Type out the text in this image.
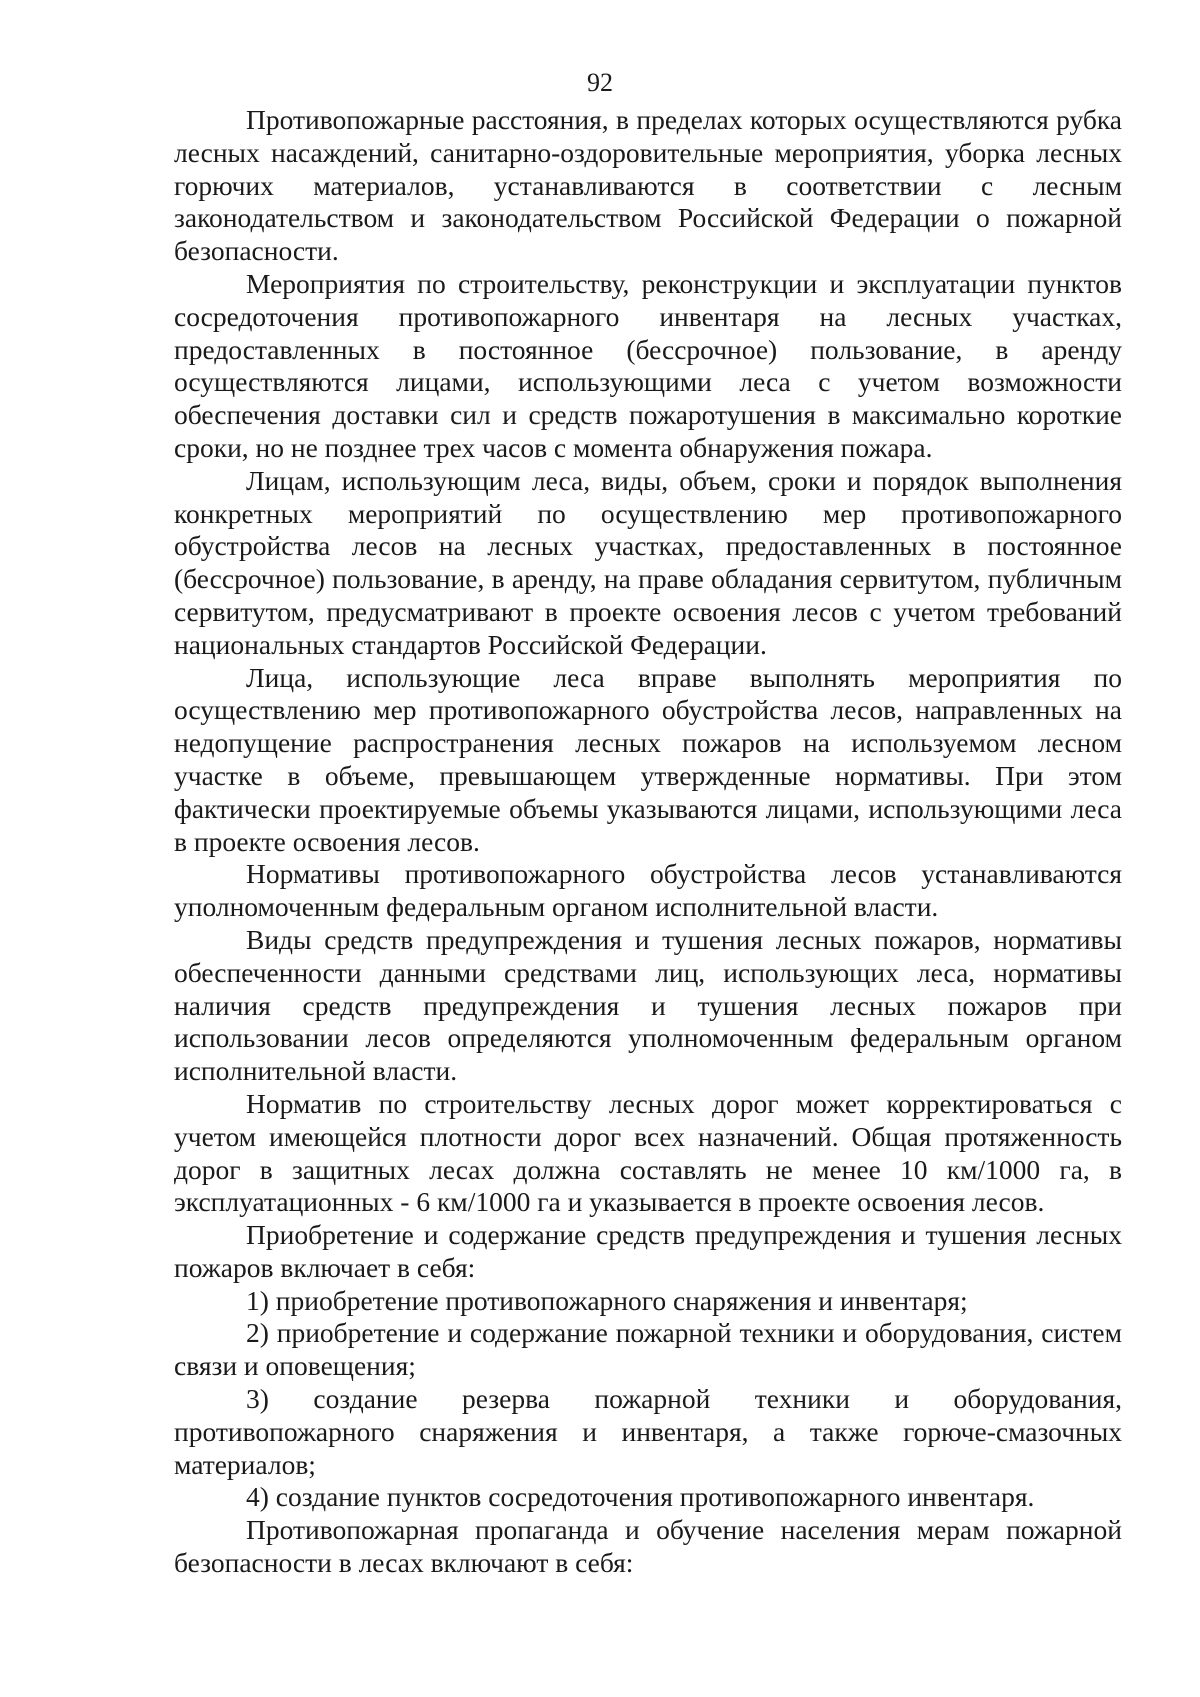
92

Противопожарные расстояния, в пределах которых осуществляются рубка лесных насаждений, санитарно-оздоровительные мероприятия, уборка лесных горючих материалов, устанавливаются в соответствии с лесным законодательством и законодательством Российской Федерации о пожарной безопасности.

Мероприятия по строительству, реконструкции и эксплуатации пунктов сосредоточения противопожарного инвентаря на лесных участках, предоставленных в постоянное (бессрочное) пользование, в аренду осуществляются лицами, использующими леса с учетом возможности обеспечения доставки сил и средств пожаротушения в максимально короткие сроки, но не позднее трех часов с момента обнаружения пожара.

Лицам, использующим леса, виды, объем, сроки и порядок выполнения конкретных мероприятий по осуществлению мер противопожарного обустройства лесов на лесных участках, предоставленных в постоянное (бессрочное) пользование, в аренду, на праве обладания сервитутом, публичным сервитутом, предусматривают в проекте освоения лесов с учетом требований национальных стандартов Российской Федерации.

Лица, использующие леса вправе выполнять мероприятия по осуществлению мер противопожарного обустройства лесов, направленных на недопущение распространения лесных пожаров на используемом лесном участке в объеме, превышающем утвержденные нормативы. При этом фактически проектируемые объемы указываются лицами, использующими леса в проекте освоения лесов.

Нормативы противопожарного обустройства лесов устанавливаются уполномоченным федеральным органом исполнительной власти.

Виды средств предупреждения и тушения лесных пожаров, нормативы обеспеченности данными средствами лиц, использующих леса, нормативы наличия средств предупреждения и тушения лесных пожаров при использовании лесов определяются уполномоченным федеральным органом исполнительной власти.

Норматив по строительству лесных дорог может корректироваться с учетом имеющейся плотности дорог всех назначений. Общая протяженность дорог в защитных лесах должна составлять не менее 10 км/1000 га, в эксплуатационных - 6 км/1000 га и указывается в проекте освоения лесов.

Приобретение и содержание средств предупреждения и тушения лесных пожаров включает в себя:

1) приобретение противопожарного снаряжения и инвентаря;

2) приобретение и содержание пожарной техники и оборудования, систем связи и оповещения;

3) создание резерва пожарной техники и оборудования, противопожарного снаряжения и инвентаря, а также горюче-смазочных материалов;

4) создание пунктов сосредоточения противопожарного инвентаря.

Противопожарная пропаганда и обучение населения мерам пожарной безопасности в лесах включают в себя:
